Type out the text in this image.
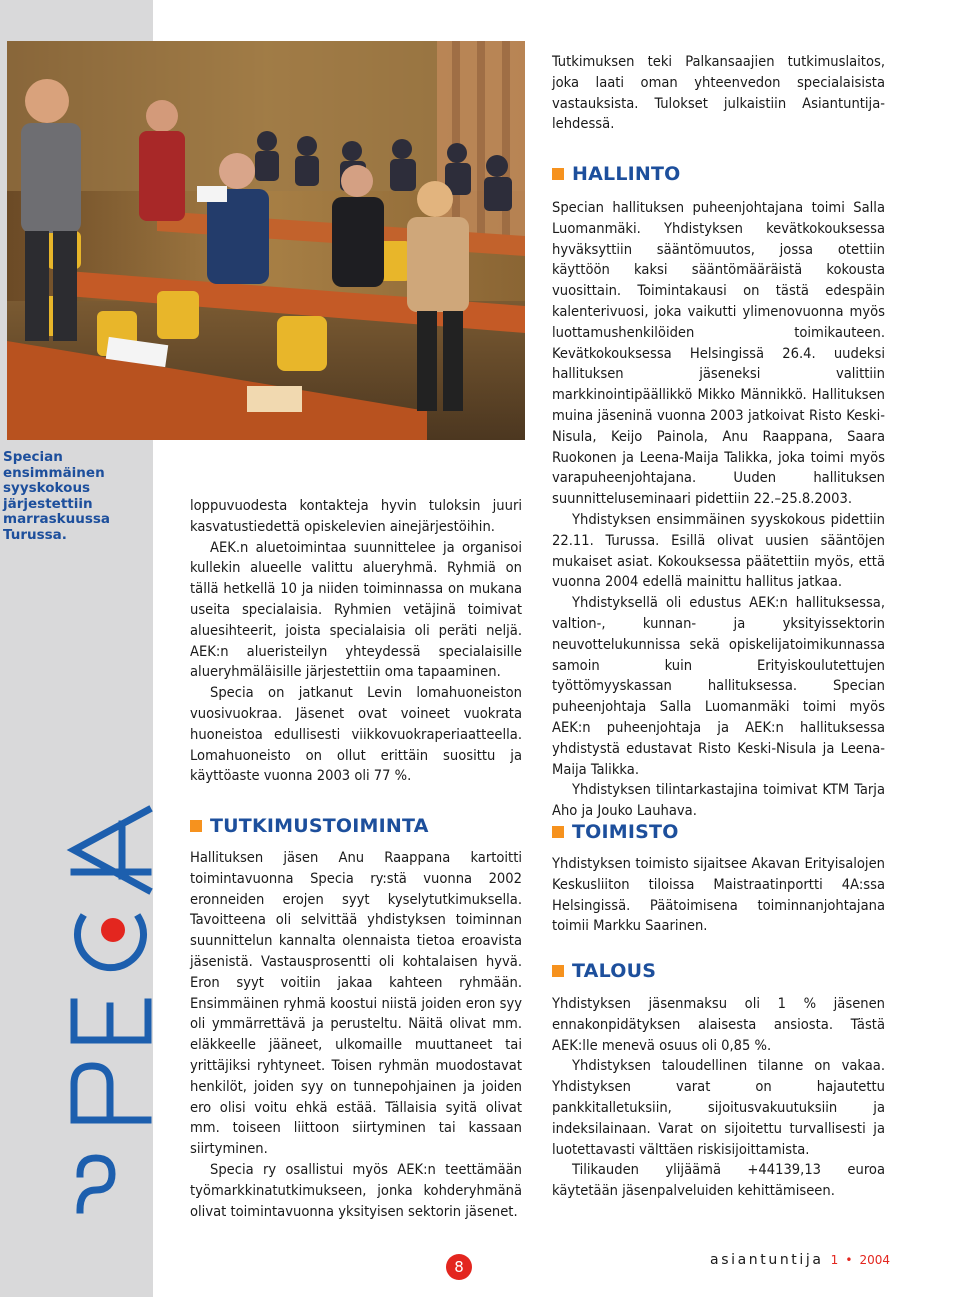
Specian ensimmäinen syyskokous järjestettiin marraskuussa Turussa.

loppuvuodesta kontakteja hyvin tuloksin juuri kasvatustiedettä opiskelevien ainejärjestöihin.

AEK.n aluetoimintaa suunnittelee ja organisoi kullekin alueelle valittu alueryhmä. Ryhmiä on tällä hetkellä 10 ja niiden toiminnassa on mukana useita specialaisia. Ryhmien vetäjinä toimivat aluesihteerit, joista specialaisia oli peräti neljä. AEK:n alueristeilyn yhteydessä specialaisille alueryhmäläisille järjestettiin oma tapaaminen.

Specia on jatkanut Levin lomahuoneiston vuosivuokraa. Jäsenet ovat voineet vuokrata huoneistoa edullisesti viikkovuokraperiaatteella. Lomahuoneisto on ollut erittäin suosittu ja käyttöaste vuonna 2003 oli 77 %.

TUTKIMUSTOIMINTA

Hallituksen jäsen Anu Raappana kartoitti toimintavuonna Specia ry:stä vuonna 2002 eronneiden erojen syyt kyselytutkimuksella. Tavoitteena oli selvittää yhdistyksen toiminnan suunnittelun kannalta olennaista tietoa eroavista jäsenistä. Vastausprosentti oli kohtalaisen hyvä. Eron syyt voitiin jakaa kahteen ryhmään. Ensimmäinen ryhmä koostui niistä joiden eron syy oli ymmärrettävä ja perusteltu. Näitä olivat mm. eläkkeelle jääneet, ulkomaille muuttaneet tai yrittäjiksi ryhtyneet. Toisen ryhmän muodostavat henkilöt, joiden syy on tunnepohjainen ja joiden ero olisi voitu ehkä estää. Tällaisia syitä olivat mm. toiseen liittoon siirtyminen tai kassaan siirtyminen.

Specia ry osallistui myös AEK:n teettämään työmarkkinatutkimukseen, jonka kohderyhmänä olivat toimintavuonna yksityisen sektorin jäsenet.

Tutkimuksen teki Palkansaajien tutkimuslaitos, joka laati oman yhteenvedon specialaisista vastauksista. Tulokset julkaistiin Asiantuntija-lehdessä.

HALLINTO

Specian hallituksen puheenjohtajana toimi Salla Luomanmäki. Yhdistyksen kevätkokouksessa hyväksyttiin sääntömuutos, jossa otettiin käyttöön kaksi sääntömääräistä kokousta vuosittain. Toimintakausi on tästä edespäin kalenterivuosi, joka vaikutti ylimenovuonna myös luottamushenkilöiden toimikauteen. Kevätkokouksessa Helsingissä 26.4. uudeksi hallituksen jäseneksi valittiin markkinointipäällikkö Mikko Männikkö. Hallituksen muina jäseninä vuonna 2003 jatkoivat Risto Keski-Nisula, Keijo Painola, Anu Raappana, Saara Ruokonen ja Leena-Maija Talikka, joka toimi myös varapuheenjohtajana. Uuden hallituksen suunnitteluseminaari pidettiin 22.–25.8.2003.

Yhdistyksen ensimmäinen syyskokous pidettiin 22.11. Turussa. Esillä olivat uusien sääntöjen mukaiset asiat. Kokouksessa päätettiin myös, että vuonna 2004 edellä mainittu hallitus jatkaa.

Yhdistyksellä oli edustus AEK:n hallituksessa, valtion-, kunnan- ja yksityissektorin neuvottelukunnissa sekä opiskelijatoimikunnassa samoin kuin Erityiskoulutettujen työttömyyskassan hallituksessa. Specian puheenjohtaja Salla Luomanmäki toimi myös AEK:n puheenjohtaja ja AEK:n hallituksessa yhdistystä edustavat Risto Keski-Nisula ja Leena-Maija Talikka.

Yhdistyksen tilintarkastajina toimivat KTM Tarja Aho ja Jouko Lauhava.

TOIMISTO

Yhdistyksen toimisto sijaitsee Akavan Erityisalojen Keskusliiton tiloissa Maistraatinportti 4A:ssa Helsingissä. Päätoimisena toiminnanjohtajana toimii Markku Saarinen.

TALOUS

Yhdistyksen jäsenmaksu oli 1 % jäsenen ennakonpidätyksen alaisesta ansiosta. Tästä AEK:lle menevä osuus oli 0,85 %.

Yhdistyksen taloudellinen tilanne on vakaa. Yhdistyksen varat on hajautettu pankkitalletuksiin, sijoitusvakuutuksiin ja indeksilainaan. Varat on sijoitettu turvallisesti ja luotettavasti välttäen riskisijoittamista.

Tilikauden ylijäämä +44139,13 euroa käytetään jäsenpalveluiden kehittämiseen.

8	asiantuntija 1 • 2004
